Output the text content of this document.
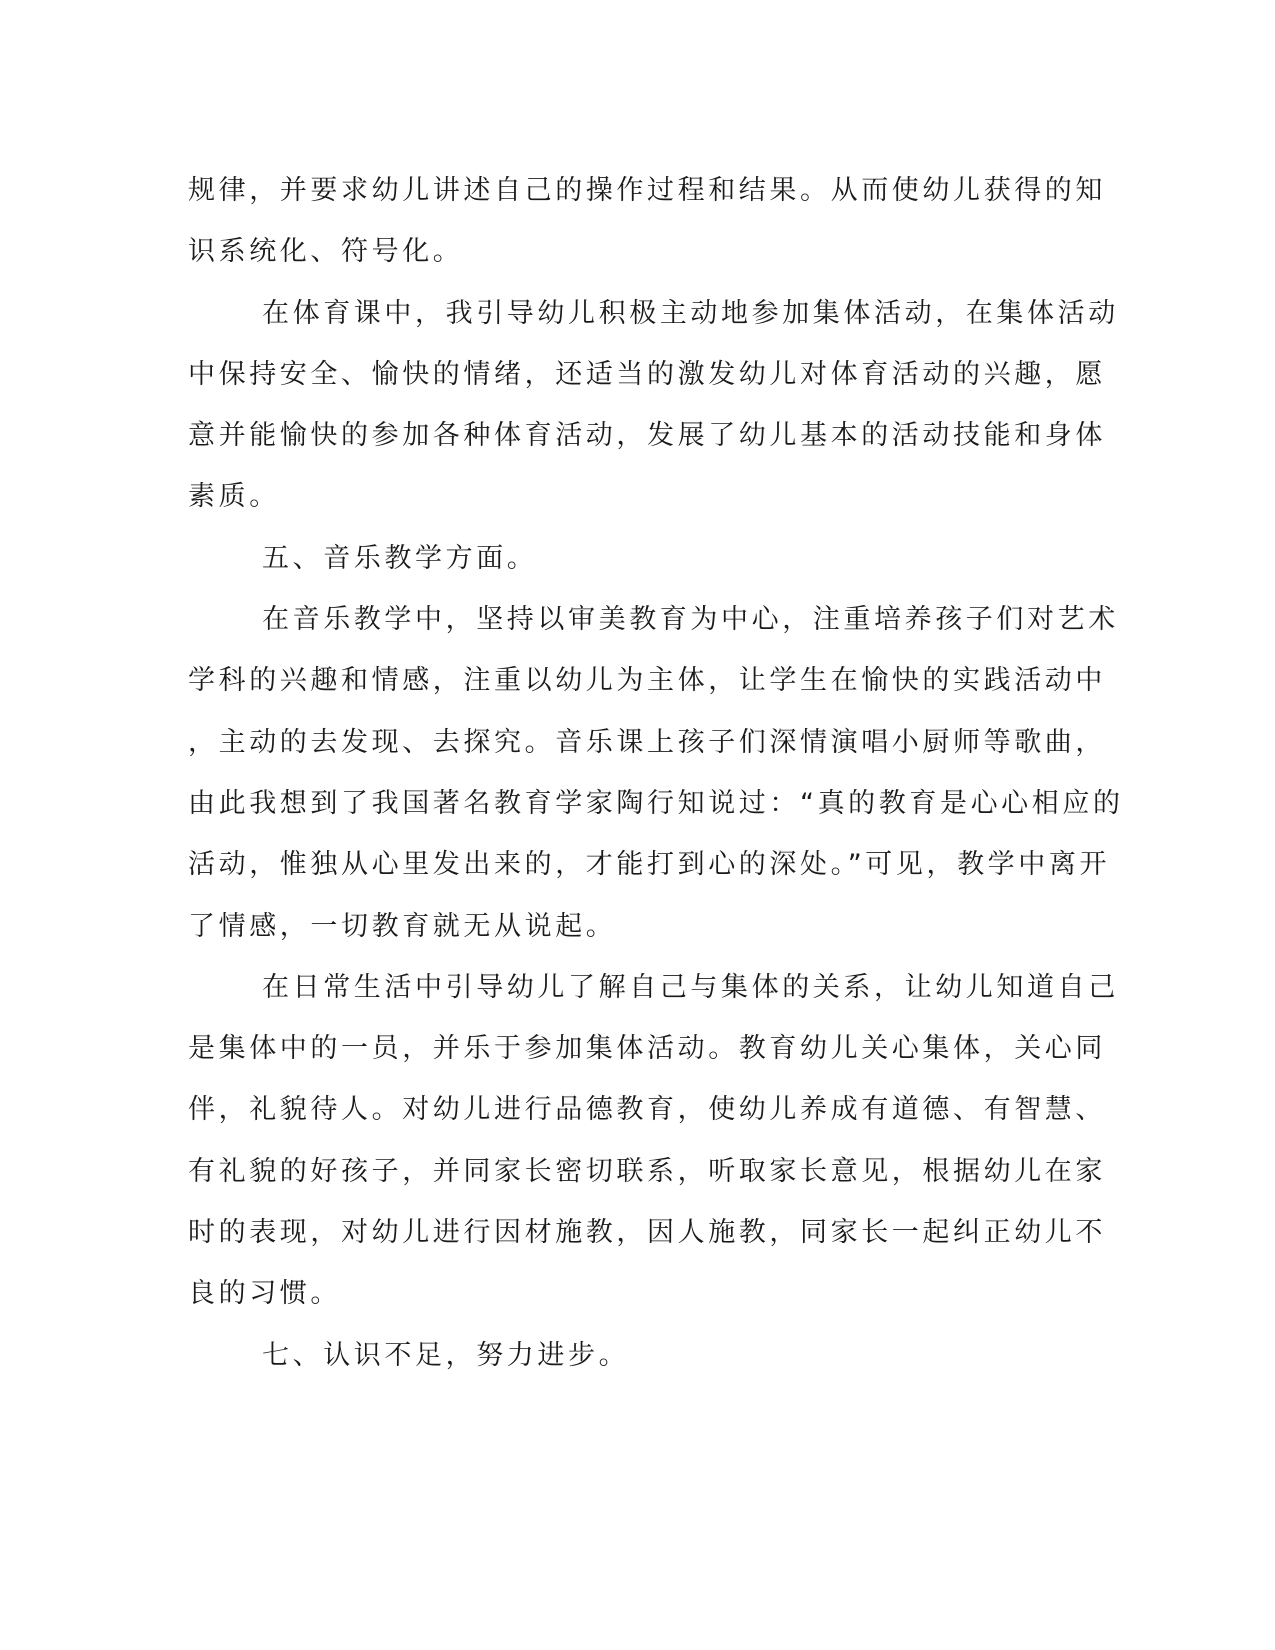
规律，并要求幼儿讲述自己的操作过程和结果。从而使幼儿获得的知
识系统化、符号化。

在体育课中，我引导幼儿积极主动地参加集体活动，在集体活动
中保持安全、愉快的情绪，还适当的激发幼儿对体育活动的兴趣，愿
意并能愉快的参加各种体育活动，发展了幼儿基本的活动技能和身体
素质。

五、音乐教学方面。

在音乐教学中，坚持以审美教育为中心，注重培养孩子们对艺术
学科的兴趣和情感，注重以幼儿为主体，让学生在愉快的实践活动中
，主动的去发现、去探究。音乐课上孩子们深情演唱小厨师等歌曲，
由此我想到了我国著名教育学家陶行知说过：“真的教育是心心相应的
活动，惟独从心里发出来的，才能打到心的深处。”可见，教学中离开
了情感，一切教育就无从说起。

在日常生活中引导幼儿了解自己与集体的关系，让幼儿知道自己
是集体中的一员，并乐于参加集体活动。教育幼儿关心集体，关心同
伴，礼貌待人。对幼儿进行品德教育，使幼儿养成有道德、有智慧、
有礼貌的好孩子，并同家长密切联系，听取家长意见，根据幼儿在家
时的表现，对幼儿进行因材施教，因人施教，同家长一起纠正幼儿不
良的习惯。

七、认识不足，努力进步。
